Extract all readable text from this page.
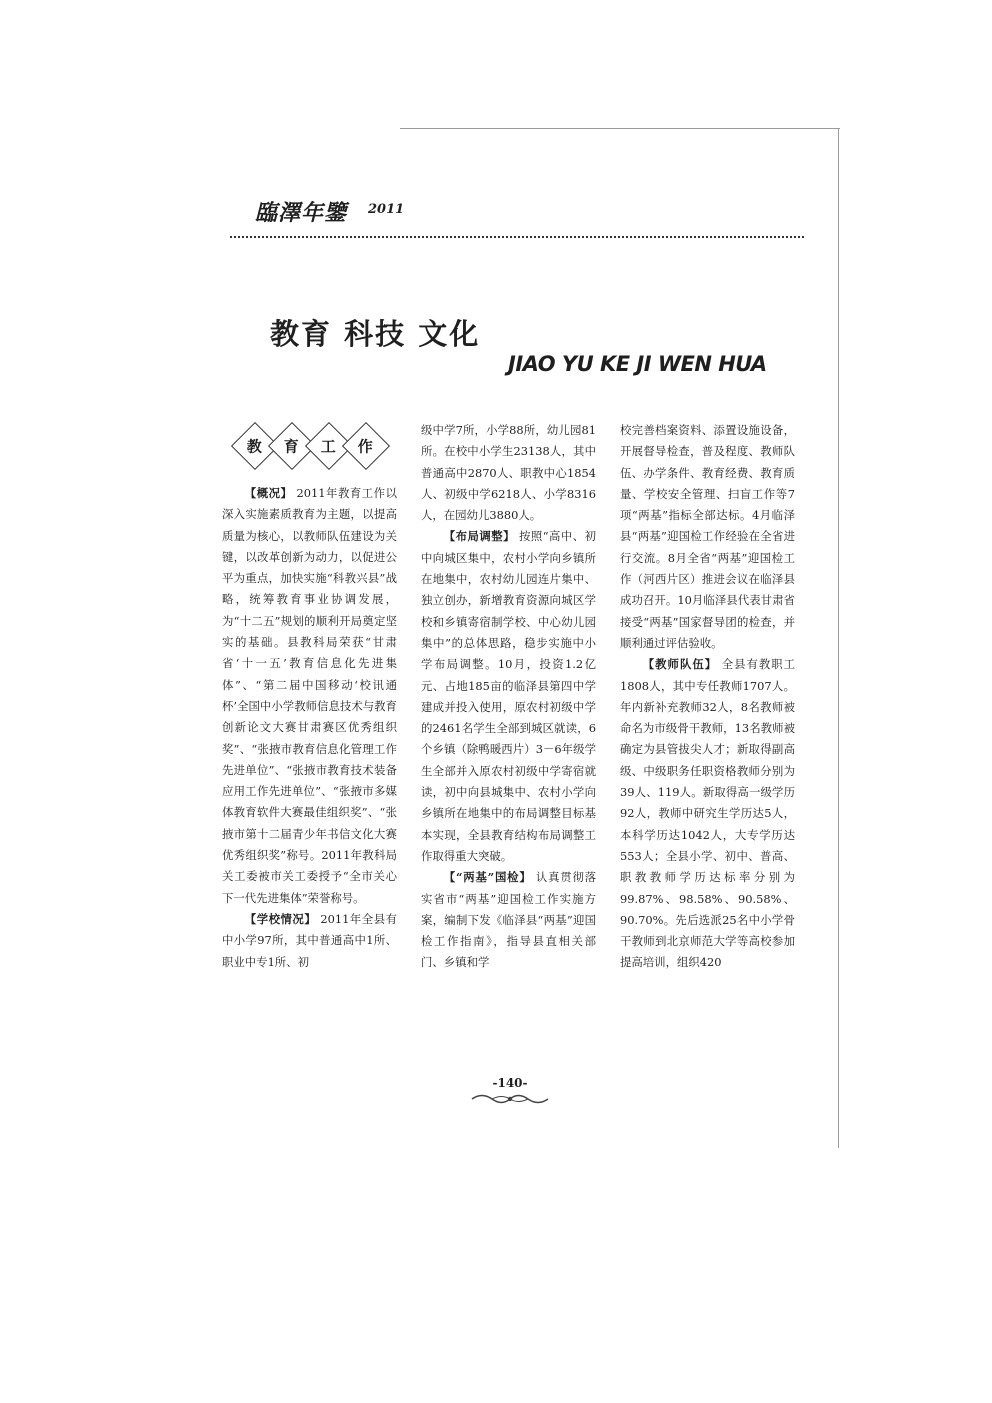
臨澤年鑒 2011
教育 科技 文化
JIAO YU KE JI WEN HUA
教 育 工 作

【概况】 2011年教育工作以深入实施素质教育为主题，以提高质量为核心，以教师队伍建设为关键，以改革创新为动力，以促进公平为重点，加快实施“科教兴县”战略，统筹教育事业协调发展，为“十二五”规划的顺利开局奠定坚实的基础。县教科局荣获“甘肃省‘十一五’教育信息化先进集体”、“第二届中国移动‘校讯通杯’全国中小学教师信息技术与教育创新论文大赛甘肃赛区优秀组织奖”、“张掖市教育信息化管理工作先进单位”、“张掖市教育技术装备应用工作先进单位”、“张掖市多媒体教育软件大赛最佳组织奖”、“张掖市第十二届青少年书信文化大赛优秀组织奖”称号。2011年教科局关工委被市关工委授予“全市关心下一代先进集体”荣誉称号。

【学校情况】 2011年全县有中小学97所，其中普通高中1所、职业中专1所、初

级中学7所，小学88所，幼儿园81所。在校中小学生23138人，其中普通高中2870人、职教中心1854人、初级中学6218人、小学8316人，在园幼儿3880人。

【布局调整】 按照“高中、初中向城区集中，农村小学向乡镇所在地集中，农村幼儿园连片集中、独立创办，新增教育资源向城区学校和乡镇寄宿制学校、中心幼儿园集中”的总体思路，稳步实施中小学布局调整。10月，投资1.2亿元、占地185亩的临泽县第四中学建成并投入使用，原农村初级中学的2461名学生全部到城区就读，6个乡镇（除鸭暖西片）3－6年级学生全部并入原农村初级中学寄宿就读，初中向县城集中、农村小学向乡镇所在地集中的布局调整目标基本实现，全县教育结构布局调整工作取得重大突破。

【“两基”国检】 认真贯彻落实省市“两基”迎国检工作实施方案，编制下发《临泽县“两基”迎国检工作指南》，指导县直相关部门、乡镇和学

校完善档案资料、添置设施设备，开展督导检查，普及程度、教师队伍、办学条件、教育经费、教育质量、学校安全管理、扫盲工作等7项“两基”指标全部达标。4月临泽县“两基”迎国检工作经验在全省进行交流。8月全省“两基”迎国检工作（河西片区）推进会议在临泽县成功召开。10月临泽县代表甘肃省接受“两基”国家督导团的检查，并顺利通过评估验收。

【教师队伍】 全县有教职工1808人，其中专任教师1707人。年内新补充教师32人，8名教师被命名为市级骨干教师，13名教师被确定为县管拔尖人才；新取得副高级、中级职务任职资格教师分别为39人、119人。新取得高一级学历92人，教师中研究生学历达5人，本科学历达1042人，大专学历达553人；全县小学、初中、普高、职教教师学历达标率分别为99.87%、98.58%、90.58%、90.70%。先后选派25名中小学骨干教师到北京师范大学等高校参加提高培训，组织420

-140-
